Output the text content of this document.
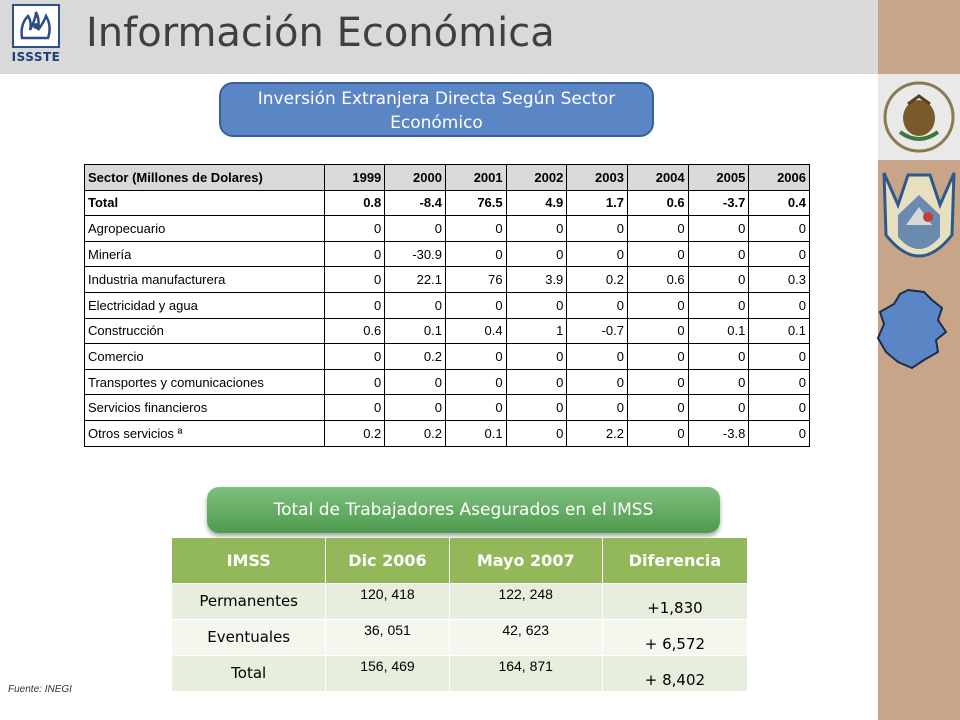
ISSSTE
Información Económica
Inversión Extranjera Directa Según Sector Económico
Sector (Millones de Dolares)	1999	2000	2001	2002	2003	2004	2005	2006
Total	0.8	-8.4	76.5	4.9	1.7	0.6	-3.7	0.4
Agropecuario	0	0	0	0	0	0	0	0
Minería	0	-30.9	0	0	0	0	0	0
Industria manufacturera	0	22.1	76	3.9	0.2	0.6	0	0.3
Electricidad y agua	0	0	0	0	0	0	0	0
Construcción	0.6	0.1	0.4	1	-0.7	0	0.1	0.1
Comercio	0	0.2	0	0	0	0	0	0
Transportes y comunicaciones	0	0	0	0	0	0	0	0
Servicios financieros	0	0	0	0	0	0	0	0
Otros servicios ª	0.2	0.2	0.1	0	2.2	0	-3.8	0
Total de Trabajadores Asegurados en el IMSS
IMSS	Dic 2006	Mayo 2007	Diferencia
Permanentes	120, 418	122, 248	+1,830
Eventuales	36, 051	42, 623	+ 6,572
Total	156, 469	164, 871	+ 8,402
Fuente: INEGI
